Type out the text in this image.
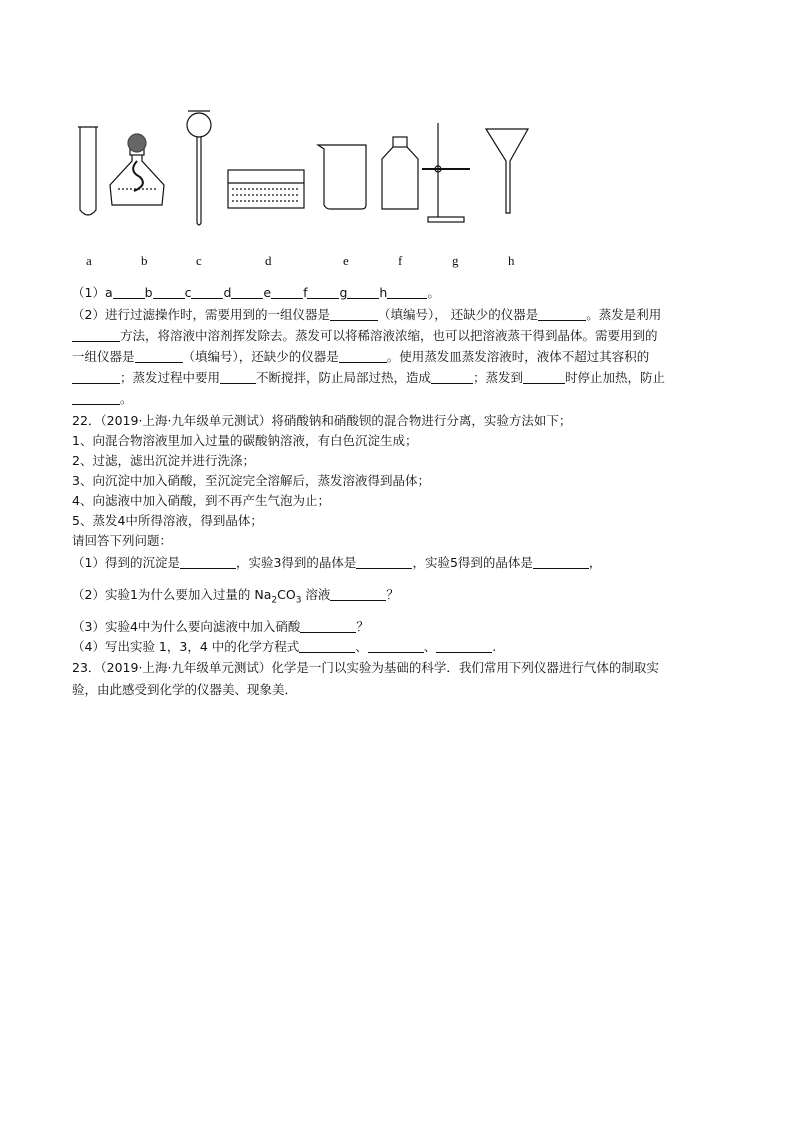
a	b	c	d	e	f	g	h
（1）a	b	c	d	e	f	g	h	。
（2）进行过滤操作时，需要用到的一组仪器是	（填编号）， 还缺少的仪器是	。蒸发是利用
方法，将溶液中溶剂挥发除去。蒸发可以将稀溶液浓缩，也可以把溶液蒸干得到晶体。需要用到的
一组仪器是	（填编号），还缺少的仪器是	。使用蒸发皿蒸发溶液时，液体不超过其容积的
；蒸发过程中要用	不断搅拌，防止局部过热，造成	；蒸发到	时停止加热，防止
。
22．（2019·上海·九年级单元测试）将硝酸钠和硝酸钡的混合物进行分离，实验方法如下；
1、向混合物溶液里加入过量的碳酸钠溶液，有白色沉淀生成；
2、过滤，滤出沉淀并进行洗涤；
3、向沉淀中加入硝酸，至沉淀完全溶解后，蒸发溶液得到晶体；
4、向滤液中加入硝酸，到不再产生气泡为止；
5、蒸发4中所得溶液，得到晶体；
请回答下列问题：
（1）得到的沉淀是	，实验3得到的晶体是	，实验5得到的晶体是	，
（2）实验1为什么要加入过量的 $Na_2CO_3$ 溶液	？
（3）实验4中为什么要向滤液中加入硝酸	？
（4）写出实验 1，3，4 中的化学方程式	、	、	.
23．（2019·上海·九年级单元测试）化学是一门以实验为基础的科学．我们常用下列仪器进行气体的制取实
验，由此感受到化学的仪器美、现象美．
